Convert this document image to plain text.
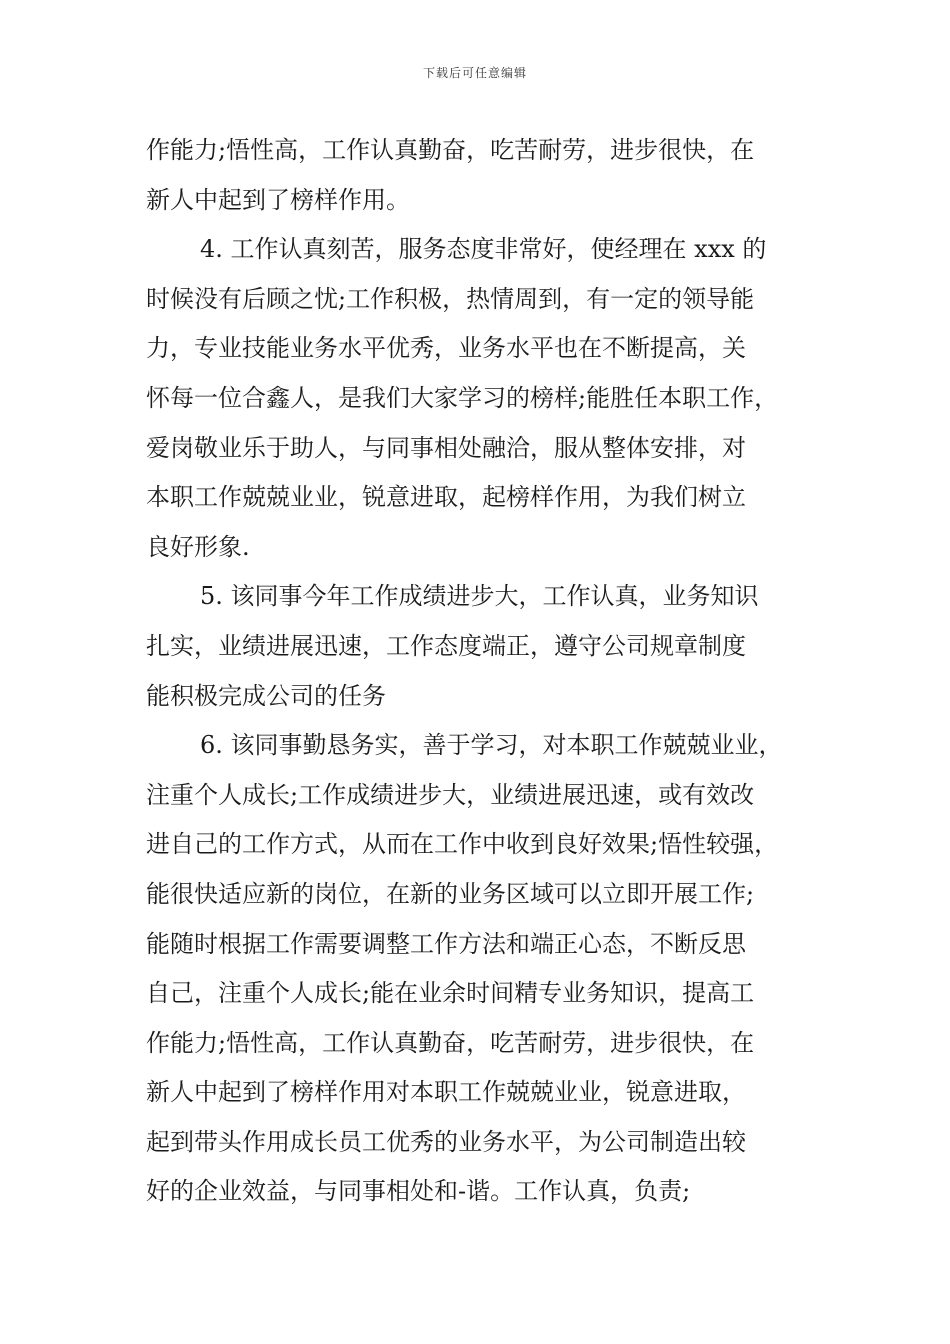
下载后可任意编辑
作能力;悟性高，工作认真勤奋，吃苦耐劳，进步很快，在
新人中起到了榜样作用。
4. 工作认真刻苦，服务态度非常好，使经理在 xxx 的
时候没有后顾之忧;工作积极，热情周到，有一定的领导能
力，专业技能业务水平优秀，业务水平也在不断提高，关
怀每一位合鑫人，是我们大家学习的榜样;能胜任本职工作，
爱岗敬业乐于助人，与同事相处融洽，服从整体安排，对
本职工作兢兢业业，锐意进取，起榜样作用，为我们树立
良好形象.
5. 该同事今年工作成绩进步大，工作认真，业务知识
扎实，业绩进展迅速，工作态度端正，遵守公司规章制度
能积极完成公司的任务
6. 该同事勤恳务实，善于学习，对本职工作兢兢业业，
注重个人成长;工作成绩进步大，业绩进展迅速，或有效改
进自己的工作方式，从而在工作中收到良好效果;悟性较强，
能很快适应新的岗位，在新的业务区域可以立即开展工作;
能随时根据工作需要调整工作方法和端正心态，不断反思
自己，注重个人成长;能在业余时间精专业务知识，提高工
作能力;悟性高，工作认真勤奋，吃苦耐劳，进步很快，在
新人中起到了榜样作用对本职工作兢兢业业，锐意进取，
起到带头作用成长员工优秀的业务水平，为公司制造出较
好的企业效益，与同事相处和-谐。工作认真，负责;
